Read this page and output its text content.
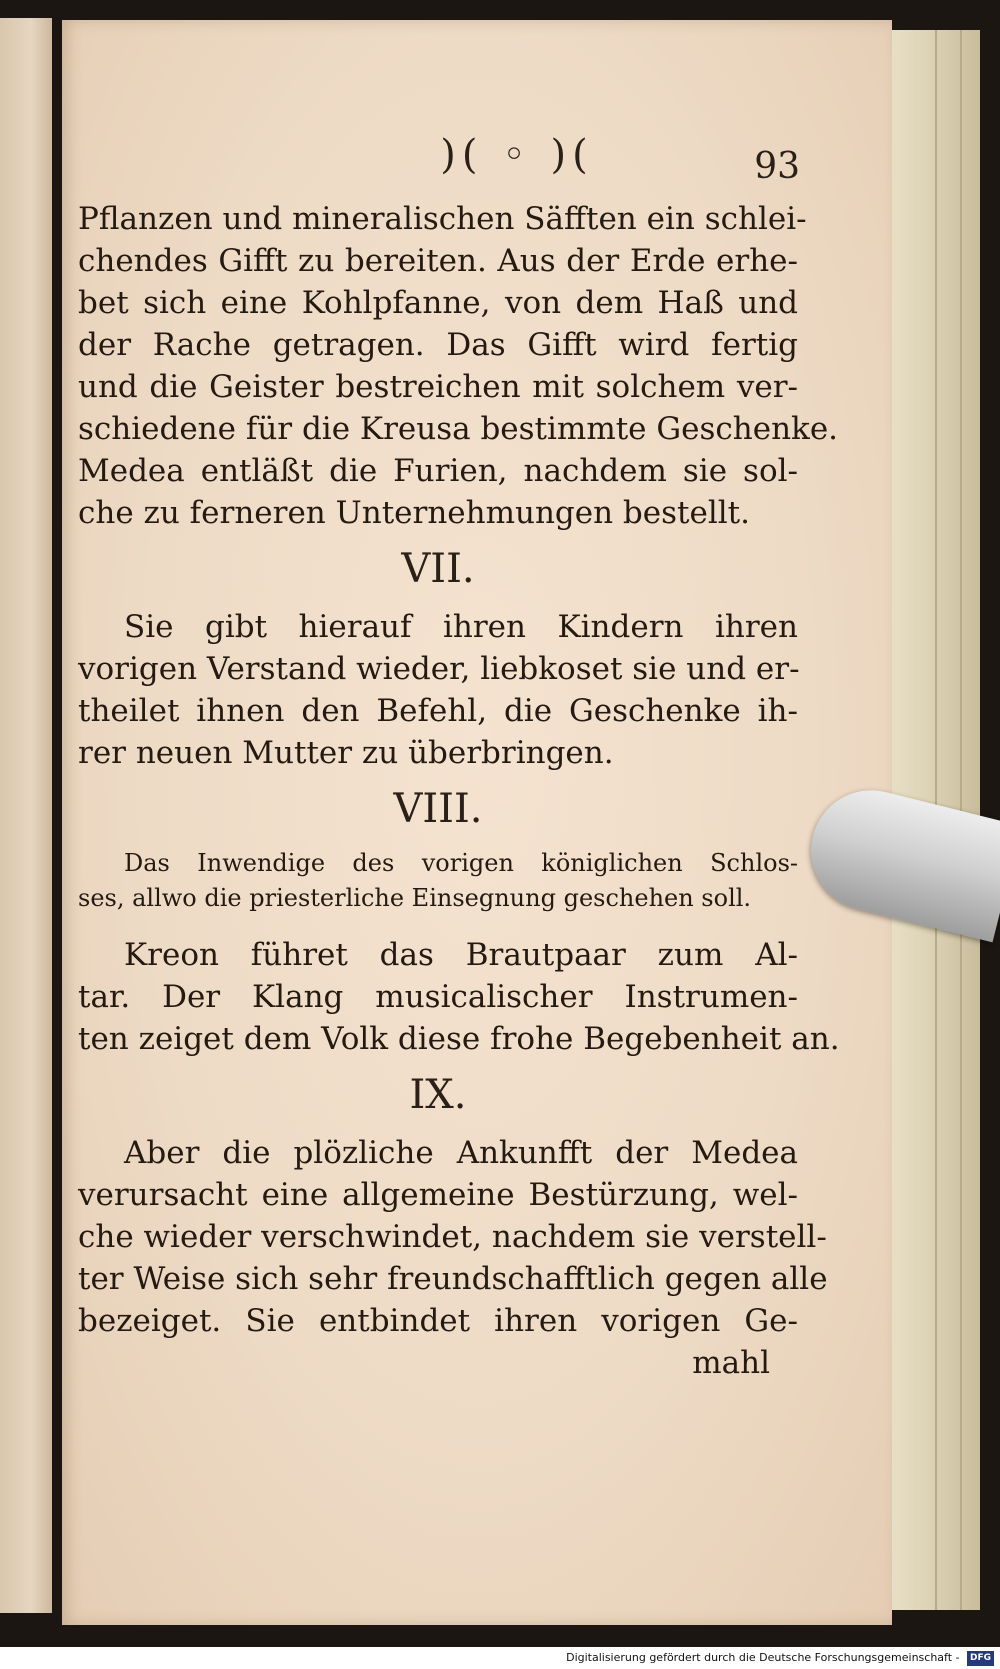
)( ◦ )(	93
Pflanzen und mineralischen Säfften ein schlei-
chendes Gifft zu bereiten. Aus der Erde erhe-
bet sich eine Kohlpfanne, von dem Haß und
der Rache getragen. Das Gifft wird fertig
und die Geister bestreichen mit solchem ver-
schiedene für die Kreusa bestimmte Geschenke.
Medea entläßt die Furien, nachdem sie sol-
che zu ferneren Unternehmungen bestellt.
VII.
Sie gibt hierauf ihren Kindern ihren
vorigen Verstand wieder, liebkoset sie und er-
theilet ihnen den Befehl, die Geschenke ih-
rer neuen Mutter zu überbringen.
VIII.
Das Inwendige des vorigen königlichen Schlos-
ses, allwo die priesterliche Einsegnung geschehen soll.
Kreon führet das Brautpaar zum Al-
tar. Der Klang musicalischer Instrumen-
ten zeiget dem Volk diese frohe Begebenheit an.
IX.
Aber die plözliche Ankunfft der Medea
verursacht eine allgemeine Bestürzung, wel-
che wieder verschwindet, nachdem sie verstell-
ter Weise sich sehr freundschafftlich gegen alle
bezeiget. Sie entbindet ihren vorigen Ge-
mahl
Digitalisierung gefördert durch die Deutsche Forschungsgemeinschaft - DFG
